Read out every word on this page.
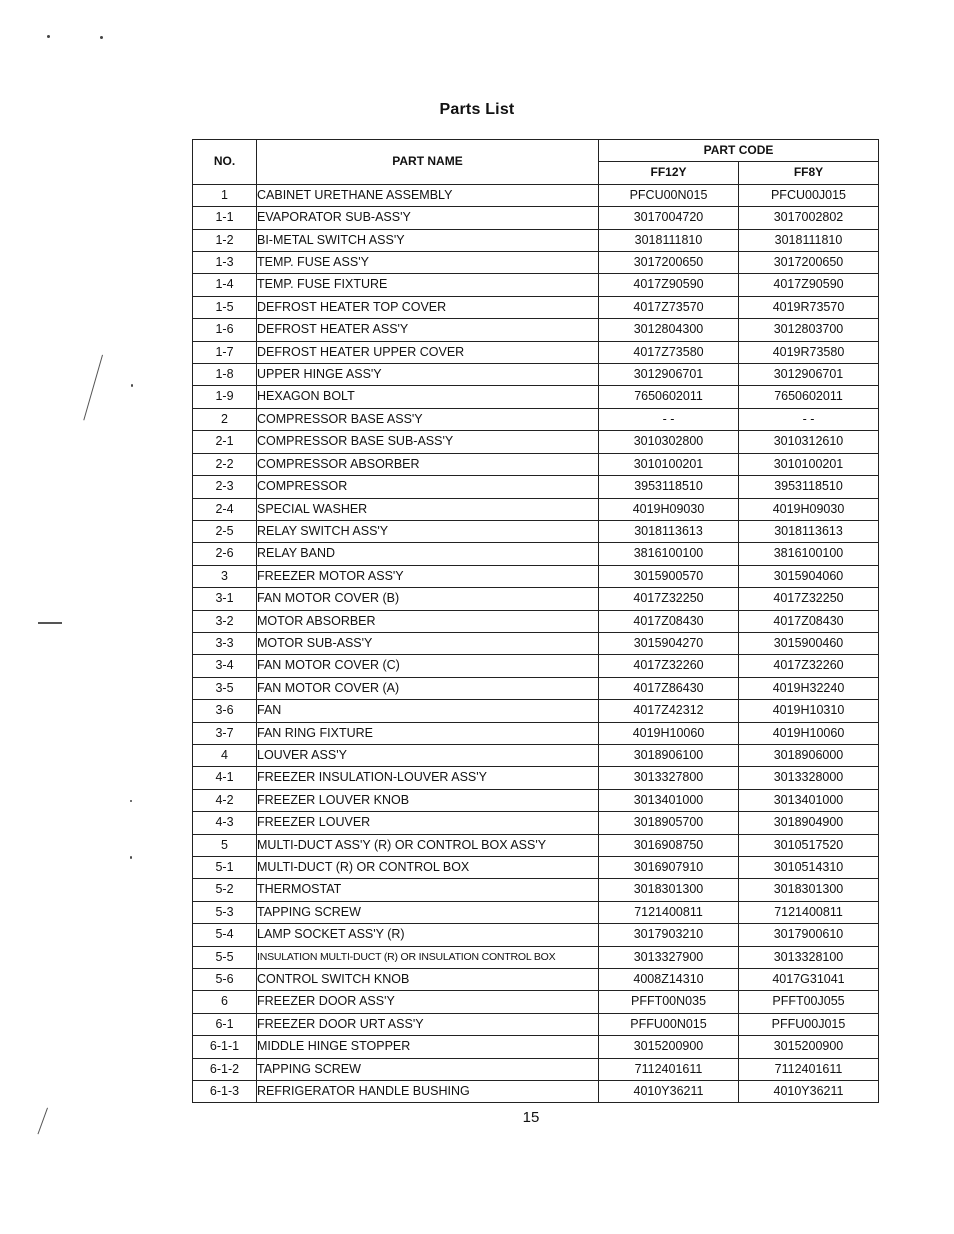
Parts List
NO.	PART NAME	PART CODE	
		FF12Y	FF8Y
1	CABINET URETHANE ASSEMBLY	PFCU00N015	PFCU00J015
1-1	EVAPORATOR SUB-ASS'Y	3017004720	3017002802
1-2	BI-METAL SWITCH ASS'Y	3018111810	3018111810
1-3	TEMP. FUSE ASS'Y	3017200650	3017200650
1-4	TEMP. FUSE FIXTURE	4017Z90590	4017Z90590
1-5	DEFROST HEATER TOP COVER	4017Z73570	4019R73570
1-6	DEFROST HEATER ASS'Y	3012804300	3012803700
1-7	DEFROST HEATER UPPER COVER	4017Z73580	4019R73580
1-8	UPPER HINGE ASS'Y	3012906701	3012906701
1-9	HEXAGON BOLT	7650602011	7650602011
2	COMPRESSOR BASE ASS'Y	- -	- -
2-1	COMPRESSOR BASE SUB-ASS'Y	3010302800	3010312610
2-2	COMPRESSOR ABSORBER	3010100201	3010100201
2-3	COMPRESSOR	3953118510	3953118510
2-4	SPECIAL WASHER	4019H09030	4019H09030
2-5	RELAY SWITCH ASS'Y	3018113613	3018113613
2-6	RELAY BAND	3816100100	3816100100
3	FREEZER MOTOR ASS'Y	3015900570	3015904060
3-1	FAN MOTOR COVER (B)	4017Z32250	4017Z32250
3-2	MOTOR ABSORBER	4017Z08430	4017Z08430
3-3	MOTOR SUB-ASS'Y	3015904270	3015900460
3-4	FAN MOTOR COVER (C)	4017Z32260	4017Z32260
3-5	FAN MOTOR COVER (A)	4017Z86430	4019H32240
3-6	FAN	4017Z42312	4019H10310
3-7	FAN RING FIXTURE	4019H10060	4019H10060
4	LOUVER ASS'Y	3018906100	3018906000
4-1	FREEZER INSULATION-LOUVER ASS'Y	3013327800	3013328000
4-2	FREEZER LOUVER KNOB	3013401000	3013401000
4-3	FREEZER LOUVER	3018905700	3018904900
5	MULTI-DUCT ASS'Y (R) OR CONTROL BOX ASS'Y	3016908750	3010517520
5-1	MULTI-DUCT (R) OR CONTROL BOX	3016907910	3010514310
5-2	THERMOSTAT	3018301300	3018301300
5-3	TAPPING SCREW	7121400811	7121400811
5-4	LAMP SOCKET ASS'Y (R)	3017903210	3017900610
5-5	INSULATION MULTI-DUCT (R) OR INSULATION CONTROL BOX	3013327900	3013328100
5-6	CONTROL SWITCH KNOB	4008Z14310	4017G31041
6	FREEZER DOOR ASS'Y	PFFT00N035	PFFT00J055
6-1	FREEZER DOOR URT ASS'Y	PFFU00N015	PFFU00J015
6-1-1	MIDDLE HINGE STOPPER	3015200900	3015200900
6-1-2	TAPPING SCREW	7112401611	7112401611
6-1-3	REFRIGERATOR HANDLE BUSHING	4010Y36211	4010Y36211
15
